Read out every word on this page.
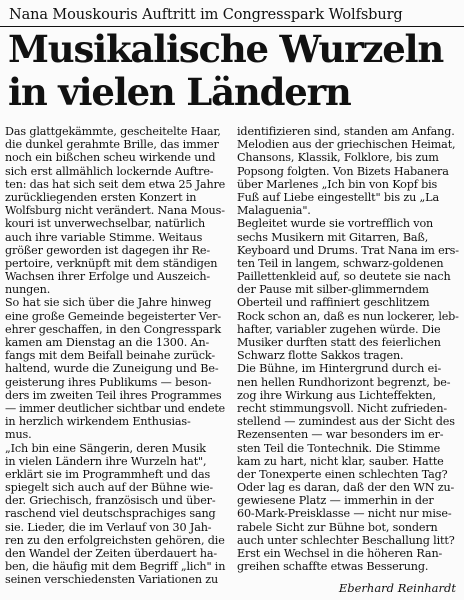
Nana Mouskouris Auftritt im Congresspark Wolfsburg
Musikalische Wurzeln
in vielen Ländern
Das glattgekämmte, gescheitelte Haar,
die dunkel gerahmte Brille, das immer
noch ein bißchen scheu wirkende und
sich erst allmählich lockernde Auftre-
ten: das hat sich seit dem etwa 25 Jahre
zurückliegenden ersten Konzert in
Wolfsburg nicht verändert. Nana Mous-
kouri ist unverwechselbar, natürlich
auch ihre variable Stimme. Weitaus
größer geworden ist dagegen ihr Re-
pertoire, verknüpft mit dem ständigen
Wachsen ihrer Erfolge und Auszeich-
nungen.
So hat sie sich über die Jahre hinweg
eine große Gemeinde begeisterter Ver-
ehrer geschaffen, in den Congresspark
kamen am Dienstag an die 1300. An-
fangs mit dem Beifall beinahe zurück-
haltend, wurde die Zuneigung und Be-
geisterung ihres Publikums — beson-
ders im zweiten Teil ihres Programmes
— immer deutlicher sichtbar und endete
in herzlich wirkendem Enthusias-
mus.
„Ich bin eine Sängerin, deren Musik
in vielen Ländern ihre Wurzeln hat",
erklärt sie im Programmheft und das
spiegelt sich auch auf der Bühne wie-
der. Griechisch, französisch und über-
raschend viel deutschsprachiges sang
sie. Lieder, die im Verlauf von 30 Jah-
ren zu den erfolgreichsten gehören, die
den Wandel der Zeiten überdauert ha-
ben, die häufig mit dem Begriff „lich" in
seinen verschiedensten Variationen zu
identifizieren sind, standen am Anfang.
Melodien aus der griechischen Heimat,
Chansons, Klassik, Folklore, bis zum
Popsong folgten. Von Bizets Habanera
über Marlenes „Ich bin von Kopf bis
Fuß auf Liebe eingestellt" bis zu „La
Malaguenia".
Begleitet wurde sie vortrefflich von
sechs Musikern mit Gitarren, Baß,
Keyboard und Drums. Trat Nana im ers-
ten Teil in langem, schwarz-goldenen
Paillettenkleid auf, so deutete sie nach
der Pause mit silber-glimmerndem
Oberteil und raffiniert geschlitzem
Rock schon an, daß es nun lockerer, leb-
hafter, variabler zugehen würde. Die
Musiker durften statt des feierlichen
Schwarz flotte Sakkos tragen.
Die Bühne, im Hintergrund durch ei-
nen hellen Rundhorizont begrenzt, be-
zog ihre Wirkung aus Lichteffekten,
recht stimmungsvoll. Nicht zufrieden-
stellend — zumindest aus der Sicht des
Rezensenten — war besonders im er-
sten Teil die Tontechnik. Die Stimme
kam zu hart, nicht klar, sauber. Hatte
der Tonexperte einen schlechten Tag?
Oder lag es daran, daß der den WN zu-
gewiesene Platz — immerhin in der
60-Mark-Preisklasse — nicht nur mise-
rabele Sicht zur Bühne bot, sondern
auch unter schlechter Beschallung litt?
Erst ein Wechsel in die höheren Ran-
greihen schaffte etwas Besserung.
Eberhard Reinhardt
